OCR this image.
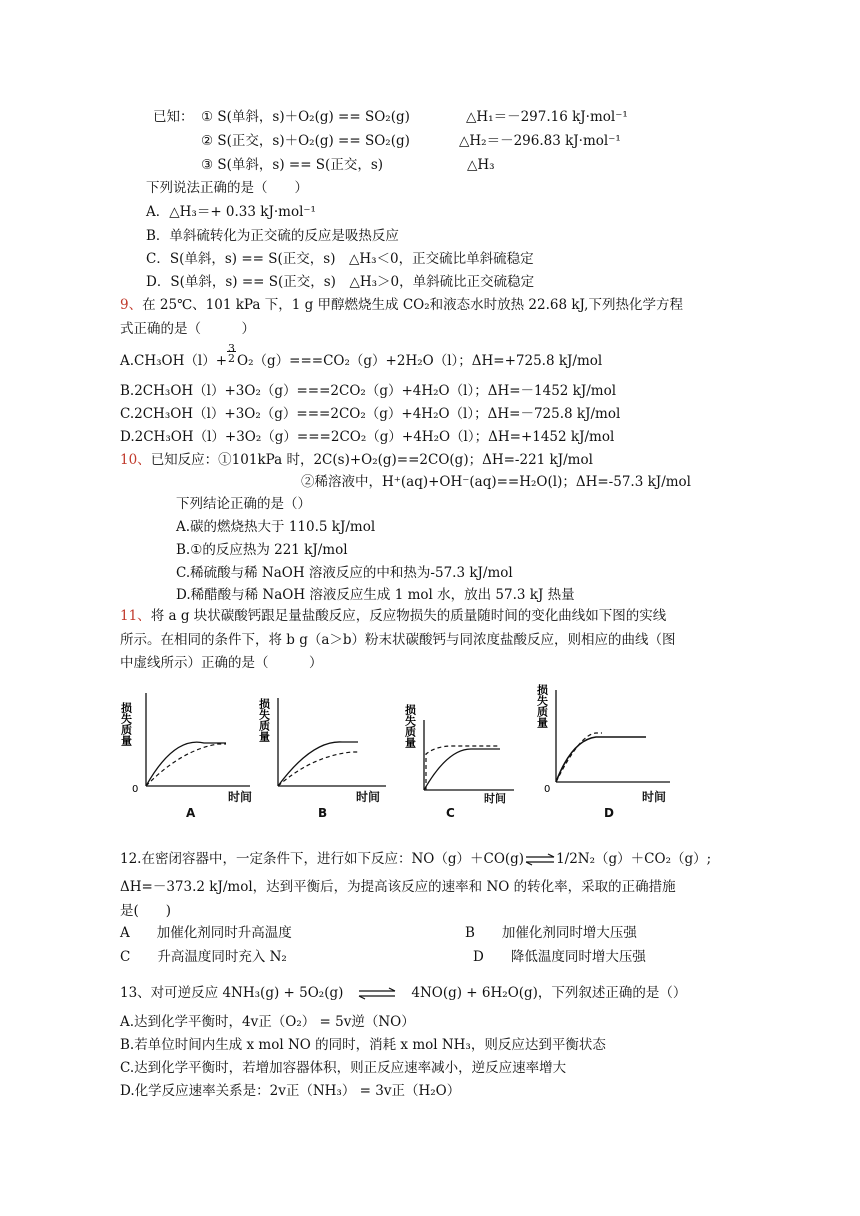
已知： ① S(单斜，s)＋O₂(g) == SO₂(g)	△H₁＝－297.16 kJ·mol⁻¹
② S(正交，s)＋O₂(g) == SO₂(g)	△H₂＝－296.83 kJ·mol⁻¹
③ S(单斜，s) == S(正交，s)	△H₃
下列说法正确的是（　　）
A．△H₃＝+ 0.33 kJ·mol⁻¹
B．单斜硫转化为正交硫的反应是吸热反应
C．S(单斜，s) == S(正交，s)　△H₃＜0，正交硫比单斜硫稳定
D．S(单斜，s) == S(正交，s)　△H₃＞0，单斜硫比正交硫稳定
9、在 25℃、101 kPa 下，1 g 甲醇燃烧生成 CO₂和液态水时放热 22.68 kJ,下列热化学方程
式正确的是（　　　）
A.CH₃OH（l）+
3
2 O₂（g）===CO₂（g）+2H₂O（l）；ΔH=+725.8 kJ/mol
B.2CH₃OH（l）+3O₂（g）===2CO₂（g）+4H₂O（l）；ΔH=－1452 kJ/mol
C.2CH₃OH（l）+3O₂（g）===2CO₂（g）+4H₂O（l）；ΔH=－725.8 kJ/mol
D.2CH₃OH（l）+3O₂（g）===2CO₂（g）+4H₂O（l）；ΔH=+1452 kJ/mol
10、已知反应：①101kPa 时，2C(s)+O₂(g)==2CO(g)；ΔH=-221 kJ/mol
②稀溶液中，H⁺(aq)+OH⁻(aq)==H₂O(l)；ΔH=-57.3 kJ/mol
下列结论正确的是（）
A.碳的燃烧热大于 110.5 kJ/mol
B.①的反应热为 221 kJ/mol
C.稀硫酸与稀 NaOH 溶液反应的中和热为-57.3 kJ/mol
D.稀醋酸与稀 NaOH 溶液反应生成 1 mol 水，放出 57.3 kJ 热量
11、将 a g 块状碳酸钙跟足量盐酸反应，反应物损失的质量随时间的变化曲线如下图的实线
所示。在相同的条件下，将 b g（a＞b）粉末状碳酸钙与同浓度盐酸反应，则相应的曲线（图
中虚线所示）正确的是（　　　）
损失质量
0
A
损失质量
B
时间
时间
损失质量
时间
C
损失质量
0
时间
D
12.在密闭容器中，一定条件下，进行如下反应：NO（g）＋CO(g)⇌1/2N₂（g）＋CO₂（g）;
ΔH=－373.2 kJ/mol，达到平衡后，为提高该反应的速率和 NO 的转化率，采取的正确措施
是(　　)
A　　加催化剂同时升高温度	B　　加催化剂同时增大压强
C　　升高温度同时充入 N₂	D　　降低温度同时增大压强
13、对可逆反应 4NH₃(g) + 5O₂(g) ⇌ 4NO(g) + 6H₂O(g)，下列叙述正确的是（）
A.达到化学平衡时，4v正（O₂） = 5v逆（NO）
B.若单位时间内生成 x mol NO 的同时，消耗 x mol NH₃，则反应达到平衡状态
C.达到化学平衡时，若增加容器体积，则正反应速率减小，逆反应速率增大
D.化学反应速率关系是：2v正（NH₃） = 3v正（H₂O）
